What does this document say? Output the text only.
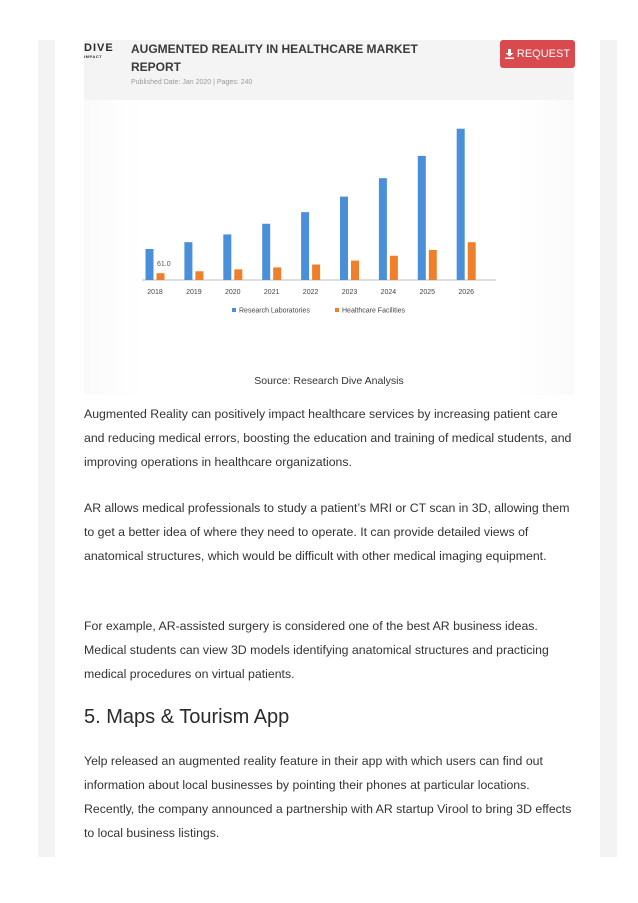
DIVE
IMPACT
AUGMENTED REALITY IN HEALTHCARE MARKET REPORT
Published Date: Jan 2020 | Pages: 240
REQUEST
2018	2019	2020	2021	2022	2023	2024	2025	2026
61.0
Research Laboratories	Healthcare Facilities
Source: Research Dive Analysis

Augmented Reality can positively impact healthcare services by increasing patient care and reducing medical errors, boosting the education and training of medical students, and improving operations in healthcare organizations.

AR allows medical professionals to study a patient’s MRI or CT scan in 3D, allowing them to get a better idea of where they need to operate. It can provide detailed views of anatomical structures, which would be difficult with other medical imaging equipment.

For example, AR-assisted surgery is considered one of the best AR business ideas. Medical students can view 3D models identifying anatomical structures and practicing medical procedures on virtual patients.

5. Maps & Tourism App

Yelp released an augmented reality feature in their app with which users can find out information about local businesses by pointing their phones at particular locations. Recently, the company announced a partnership with AR startup Virool to bring 3D effects to local business listings.
